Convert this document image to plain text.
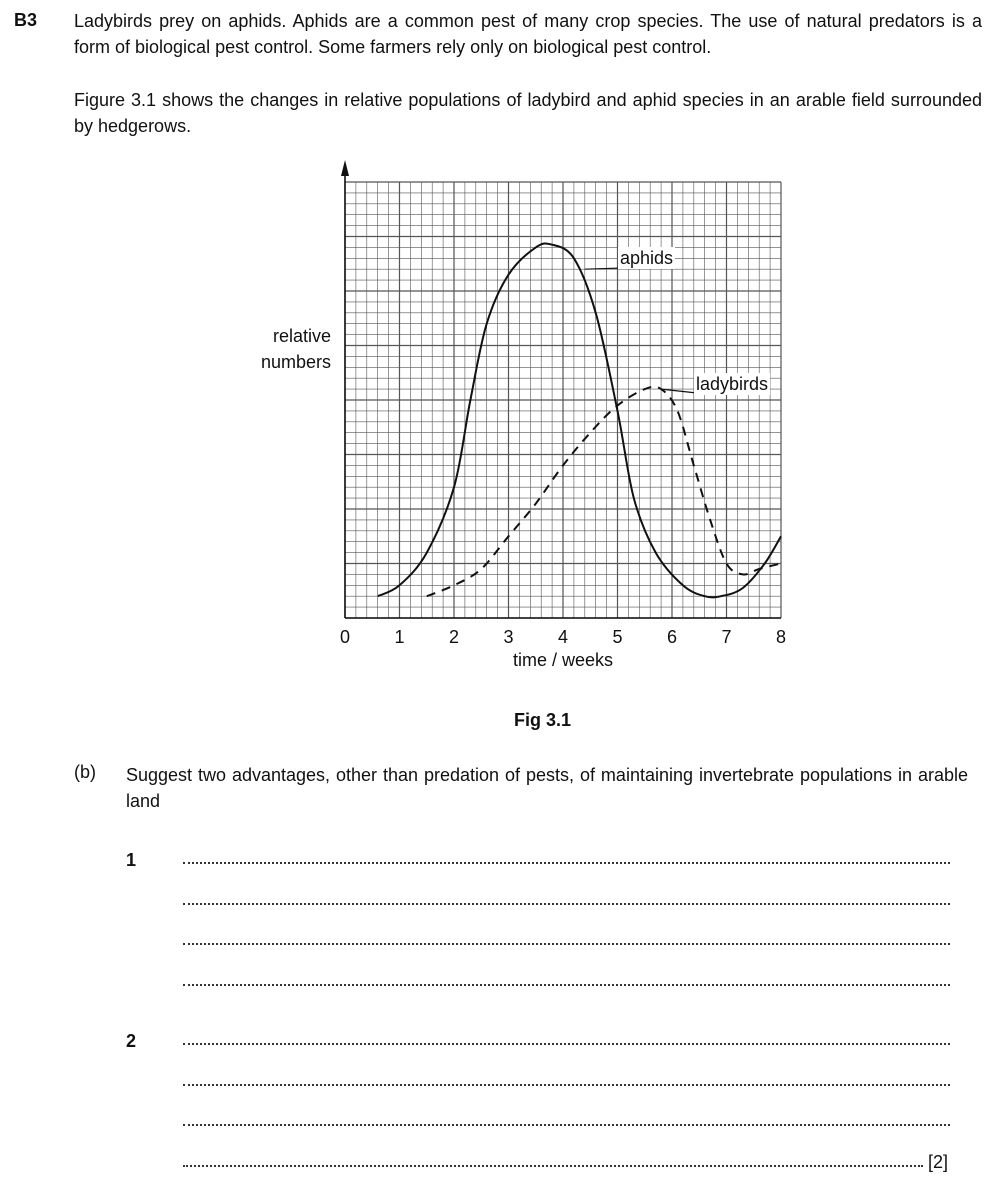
B3 Ladybirds prey on aphids. Aphids are a common pest of many crop species. The use of natural predators is a form of biological pest control. Some farmers rely only on biological pest control.
Figure 3.1 shows the changes in relative populations of ladybird and aphid species in an arable field surrounded by hedgerows.
0 1 2 3 4 5 6 7 8
aphids
ladybirds
relative
numbers
time / weeks
Fig 3.1
(b) Suggest two advantages, other than predation of pests, of maintaining invertebrate populations in arable land
1
2
[2]
